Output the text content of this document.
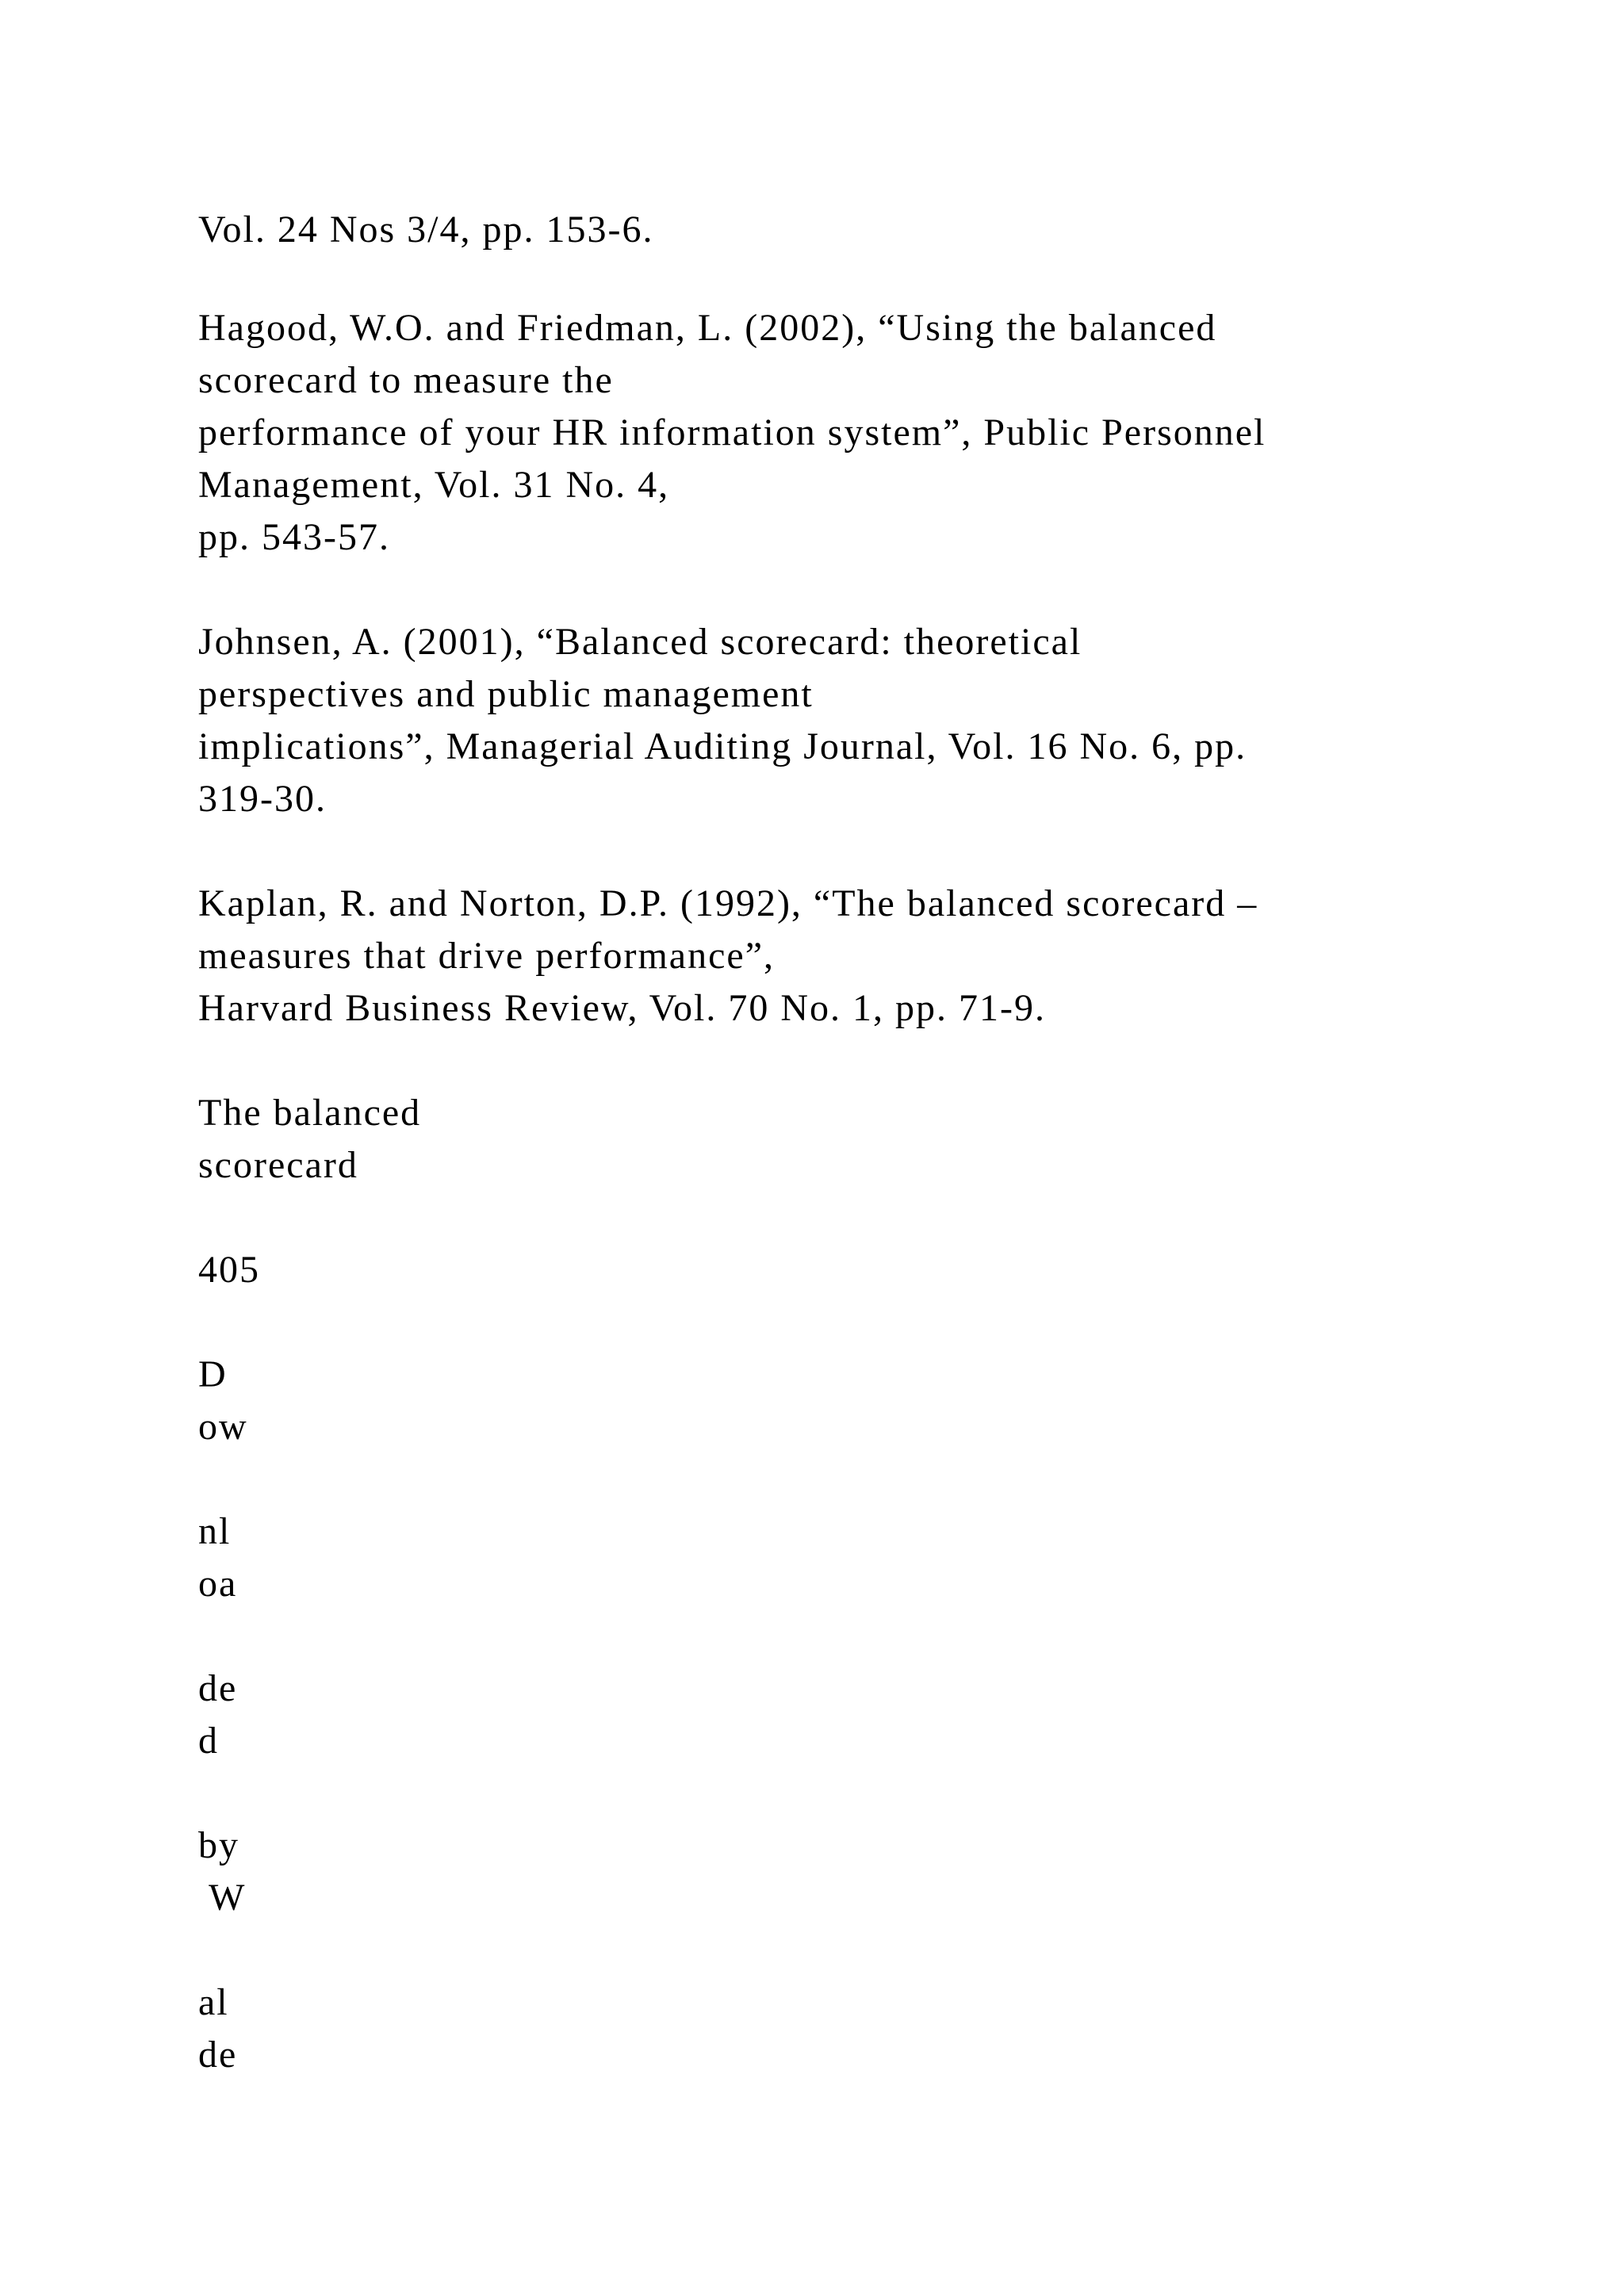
Vol. 24 Nos 3/4, pp. 153-6.
Hagood, W.O. and Friedman, L. (2002), “Using the balanced
scorecard to measure the
performance of your HR information system”, Public Personnel
Management, Vol. 31 No. 4,
pp. 543-57.
Johnsen, A. (2001), “Balanced scorecard: theoretical
perspectives and public management
implications”, Managerial Auditing Journal, Vol. 16 No. 6, pp.
319-30.
Kaplan, R. and Norton, D.P. (1992), “The balanced scorecard –
measures that drive performance”,
Harvard Business Review, Vol. 70 No. 1, pp. 71-9.
The balanced
scorecard
405
D
ow
nl
oa
de
d
by
W
al
de
